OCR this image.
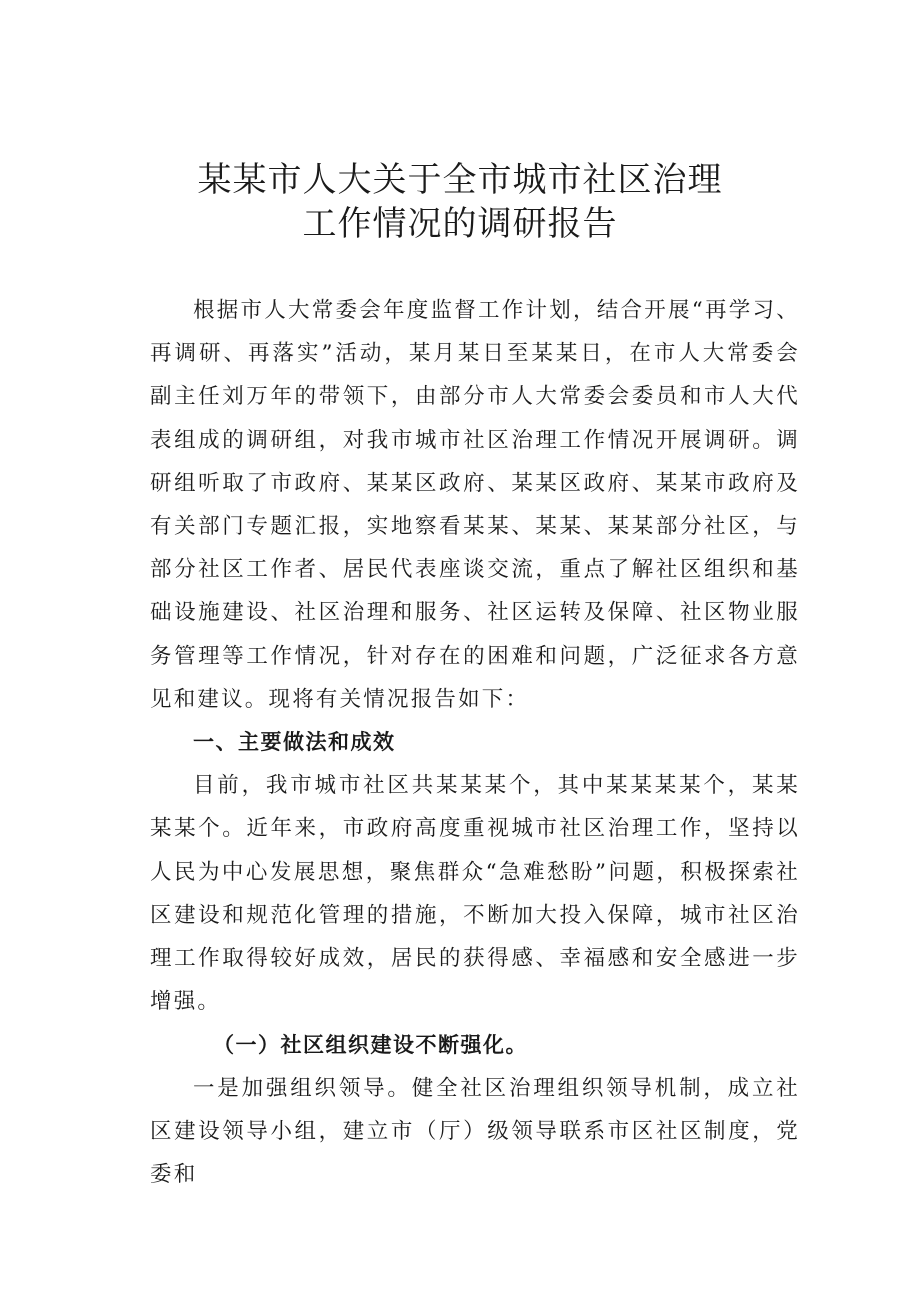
某某市人大关于全市城市社区治理
工作情况的调研报告

根据市人大常委会年度监督工作计划，结合开展“再学习、再调研、再落实”活动，某月某日至某某日，在市人大常委会副主任刘万年的带领下，由部分市人大常委会委员和市人大代表组成的调研组，对我市城市社区治理工作情况开展调研。调研组听取了市政府、某某区政府、某某区政府、某某市政府及有关部门专题汇报，实地察看某某、某某、某某部分社区，与部分社区工作者、居民代表座谈交流，重点了解社区组织和基础设施建设、社区治理和服务、社区运转及保障、社区物业服务管理等工作情况，针对存在的困难和问题，广泛征求各方意见和建议。现将有关情况报告如下：

一、主要做法和成效

目前，我市城市社区共某某某个，其中某某某某个，某某某某个。近年来，市政府高度重视城市社区治理工作，坚持以人民为中心发展思想，聚焦群众“急难愁盼”问题，积极探索社区建设和规范化管理的措施，不断加大投入保障，城市社区治理工作取得较好成效，居民的获得感、幸福感和安全感进一步增强。

（一）社区组织建设不断强化。

一是加强组织领导。健全社区治理组织领导机制，成立社区建设领导小组，建立市（厅）级领导联系市区社区制度，党委和
